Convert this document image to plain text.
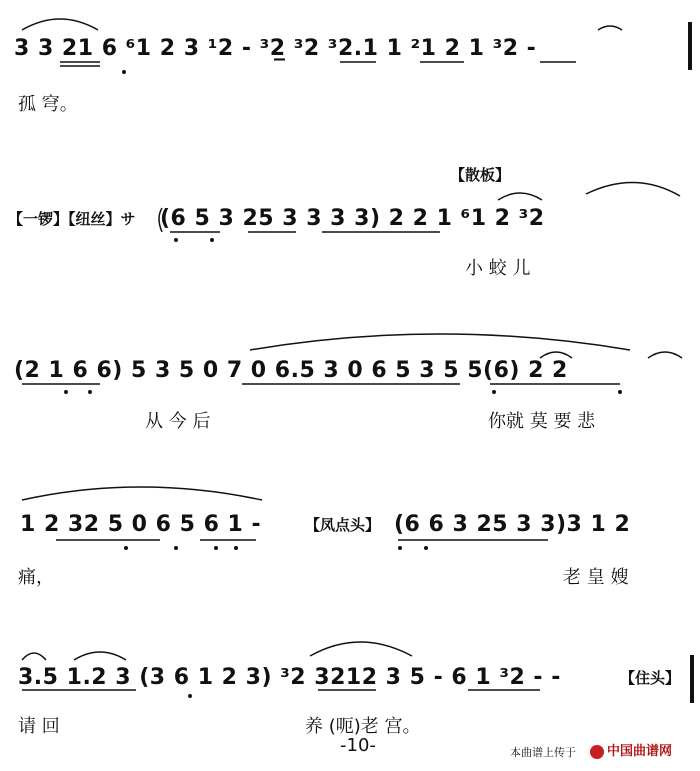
3 3 21 6 ⁶1 2 3 ¹2 - ³2̲ ³2 ³2.1 1 ²1 2 1 ³2 -
孤 穹。
【散板】
【一锣】【纽丝】サ (6 5 3 25 3 3 3 3) 2 2 1 ⁶1 2 ³2
小 蛟 儿
(2 1 6 6) 5 3 5 0 7 0 6.5 3 0 6 5 3 5 5(6) 2 2
从 今 后	你就 莫 要 悲
1 2 32 5 0 6 5 6 1 -	【凤点头】 (6 6 3 25 3 3)3 1 2
痛，	老 皇 嫂
3.5 1.2 3 (3 6 1 2 3) ³2 3212 3 5 - 6 1 ³2 - -	【住头】
请 回	养 (呃)老 宫。
-10-	本曲谱上传于	中国曲谱网
